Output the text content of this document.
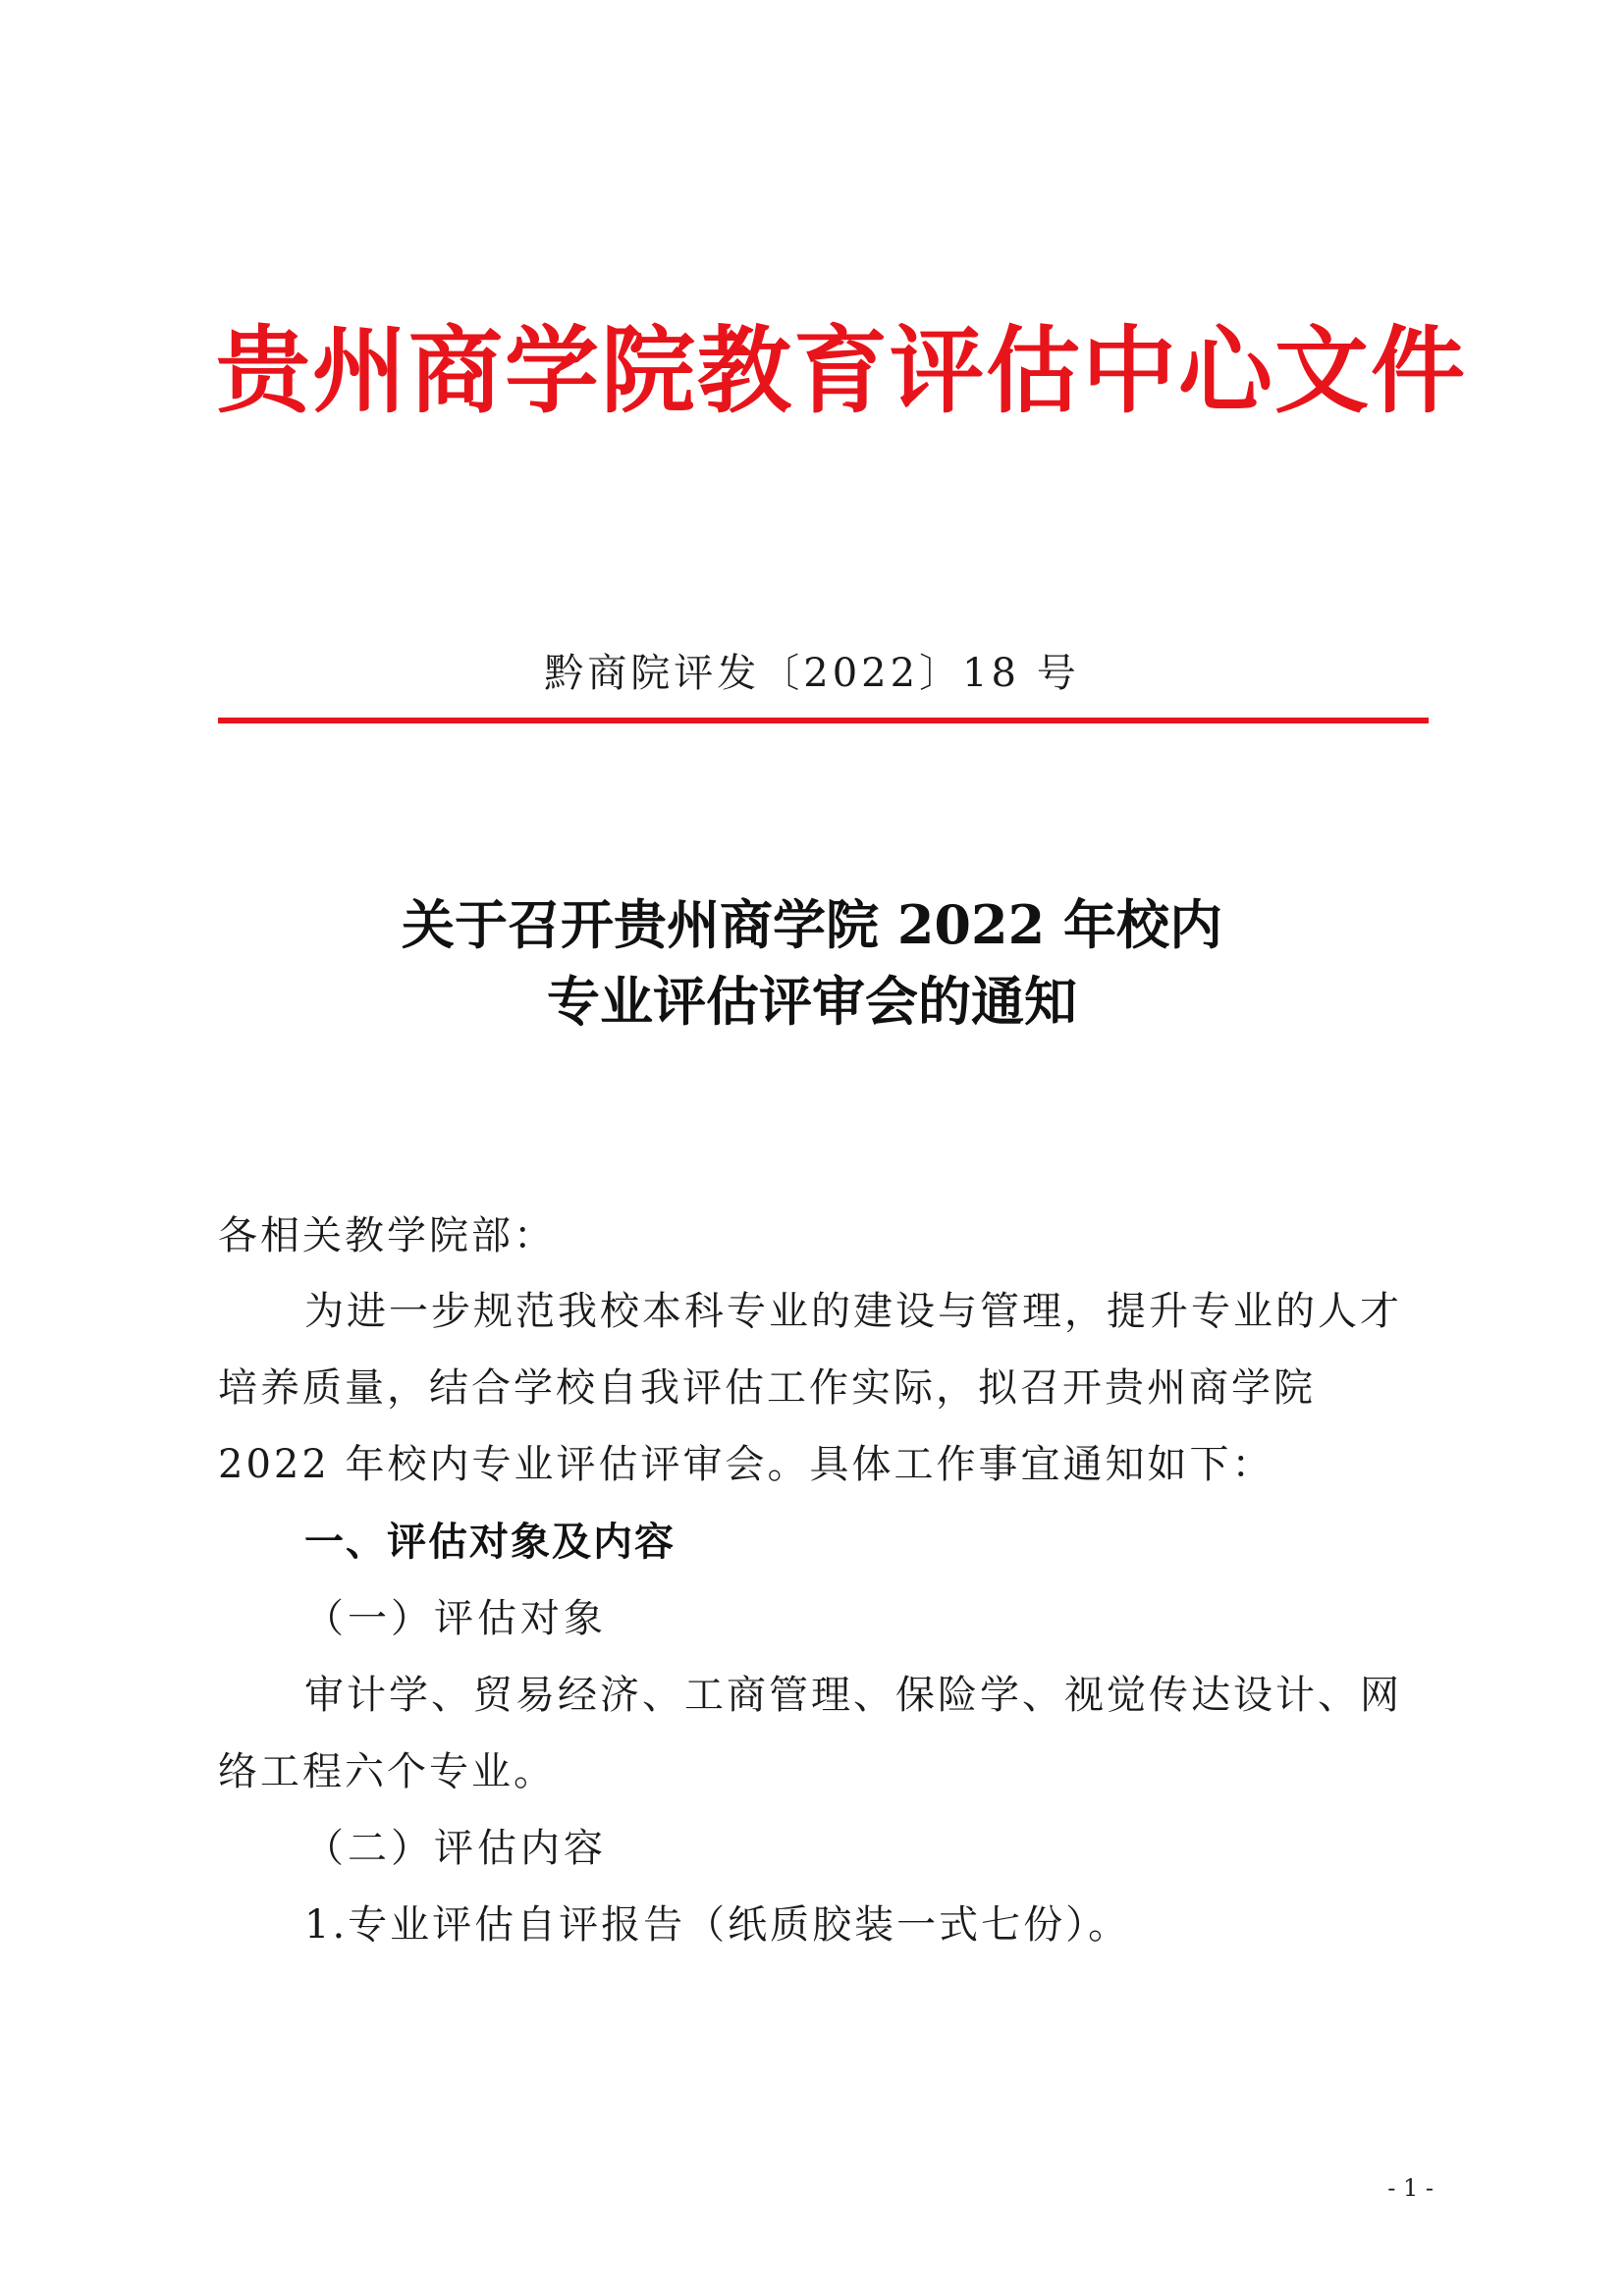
贵州商学院教育评估中心文件
黔商院评发〔2022〕18 号
关于召开贵州商学院 2022 年校内
专业评估评审会的通知
各相关教学院部：
为进一步规范我校本科专业的建设与管理，提升专业的人才培养质量，结合学校自我评估工作实际，拟召开贵州商学院 2022 年校内专业评估评审会。具体工作事宜通知如下：
一、评估对象及内容
（一）评估对象
审计学、贸易经济、工商管理、保险学、视觉传达设计、网络工程六个专业。
（二）评估内容
1.专业评估自评报告（纸质胶装一式七份）。
- 1 -
